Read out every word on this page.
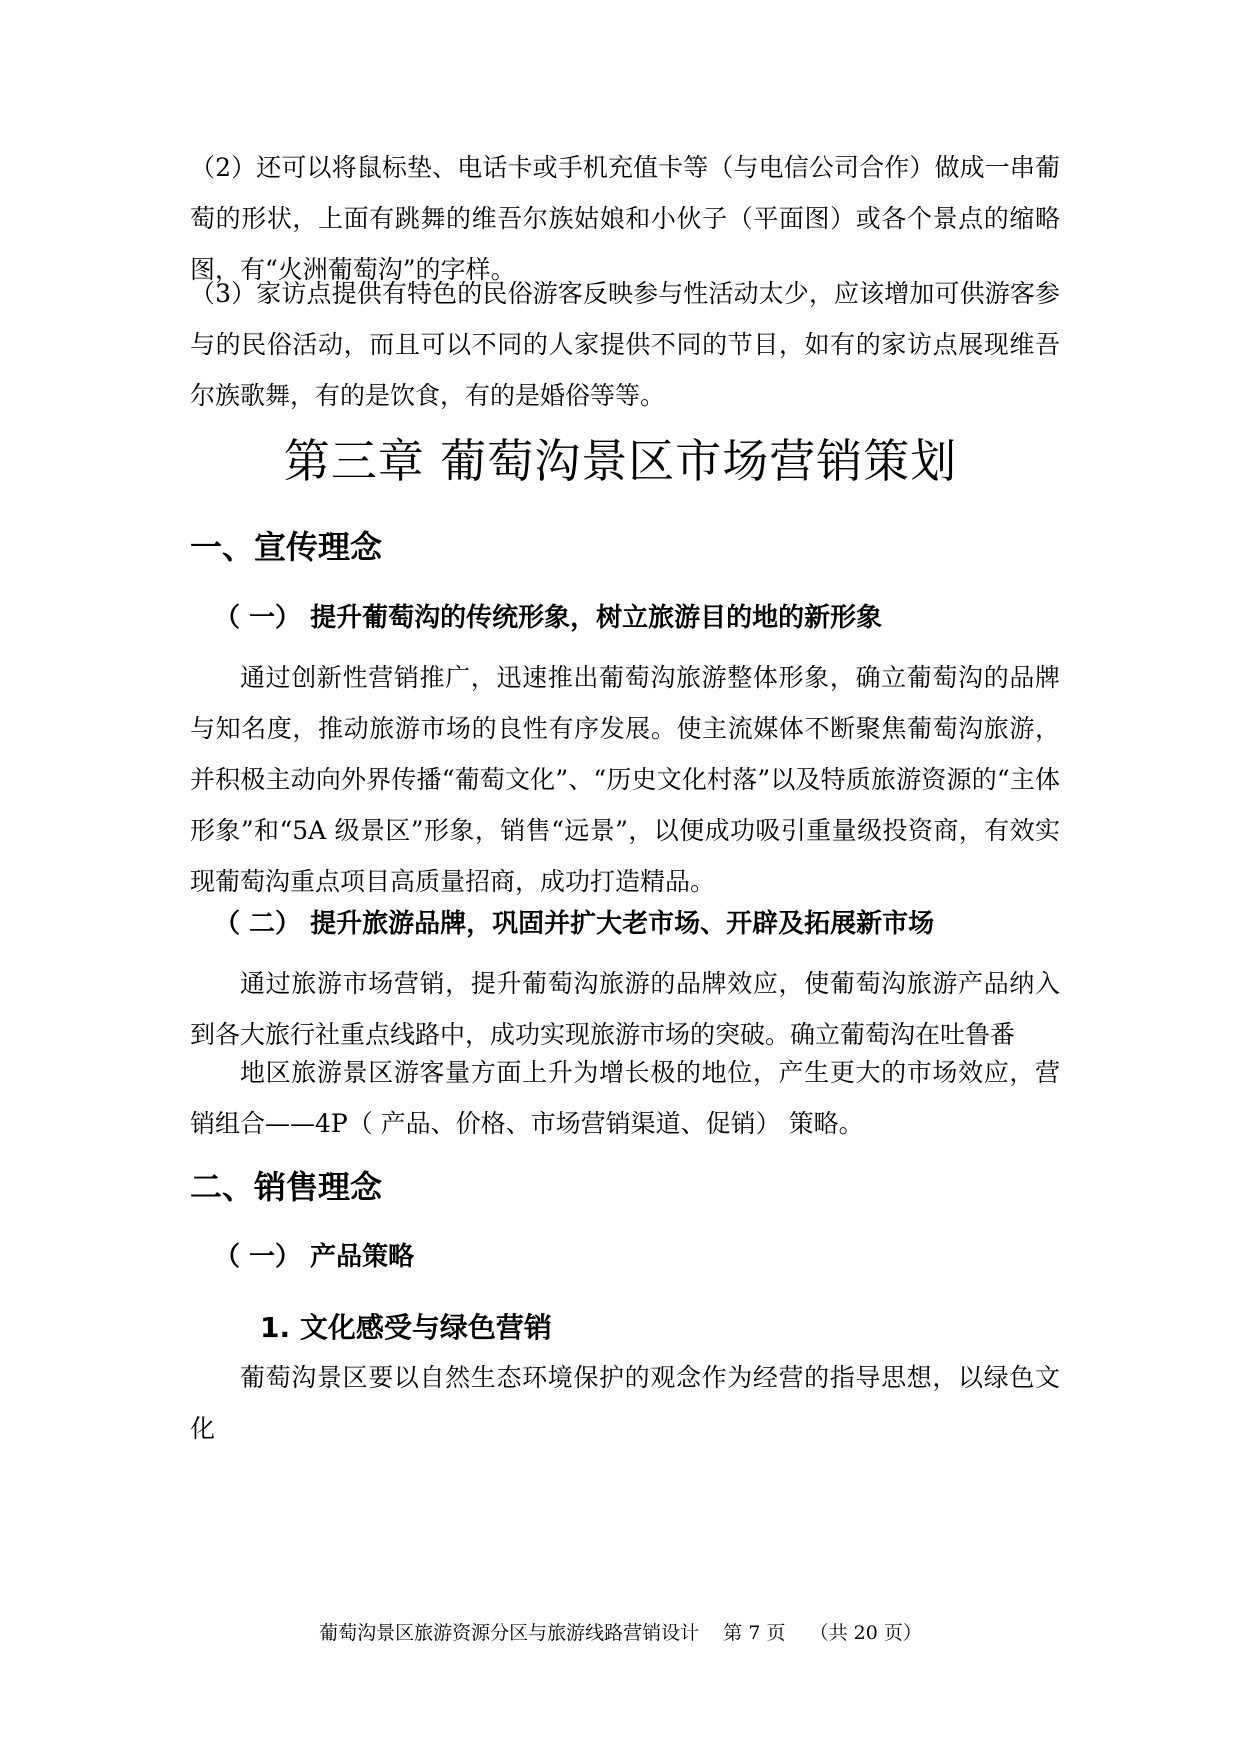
（2）还可以将鼠标垫、电话卡或手机充值卡等（与电信公司合作）做成一串葡萄的形状，上面有跳舞的维吾尔族姑娘和小伙子（平面图）或各个景点的缩略图，有“火洲葡萄沟”的字样。

（3）家访点提供有特色的民俗游客反映参与性活动太少，应该增加可供游客参与的民俗活动，而且可以不同的人家提供不同的节目，如有的家访点展现维吾尔族歌舞，有的是饮食，有的是婚俗等等。

第三章 葡萄沟景区市场营销策划
一、宣传理念
（ 一） 提升葡萄沟的传统形象，树立旅游目的地的新形象

通过创新性营销推广，迅速推出葡萄沟旅游整体形象，确立葡萄沟的品牌与知名度，推动旅游市场的良性有序发展。使主流媒体不断聚焦葡萄沟旅游，并积极主动向外界传播“葡萄文化”、“历史文化村落”以及特质旅游资源的“主体形象”和“5A 级景区”形象，销售“远景”，以便成功吸引重量级投资商，有效实现葡萄沟重点项目高质量招商，成功打造精品。

（ 二） 提升旅游品牌，巩固并扩大老市场、开辟及拓展新市场

通过旅游市场营销，提升葡萄沟旅游的品牌效应，使葡萄沟旅游产品纳入到各大旅行社重点线路中，成功实现旅游市场的突破。确立葡萄沟在吐鲁番

地区旅游景区游客量方面上升为增长极的地位，产生更大的市场效应，营销组合——4P（ 产品、价格、市场营销渠道、促销） 策略。

二、销售理念
（ 一） 产品策略
1. 文化感受与绿色营销

葡萄沟景区要以自然生态环境保护的观念作为经营的指导思想，以绿色文化

葡萄沟景区旅游资源分区与旅游线路营销设计    第 7 页    （共 20 页）
